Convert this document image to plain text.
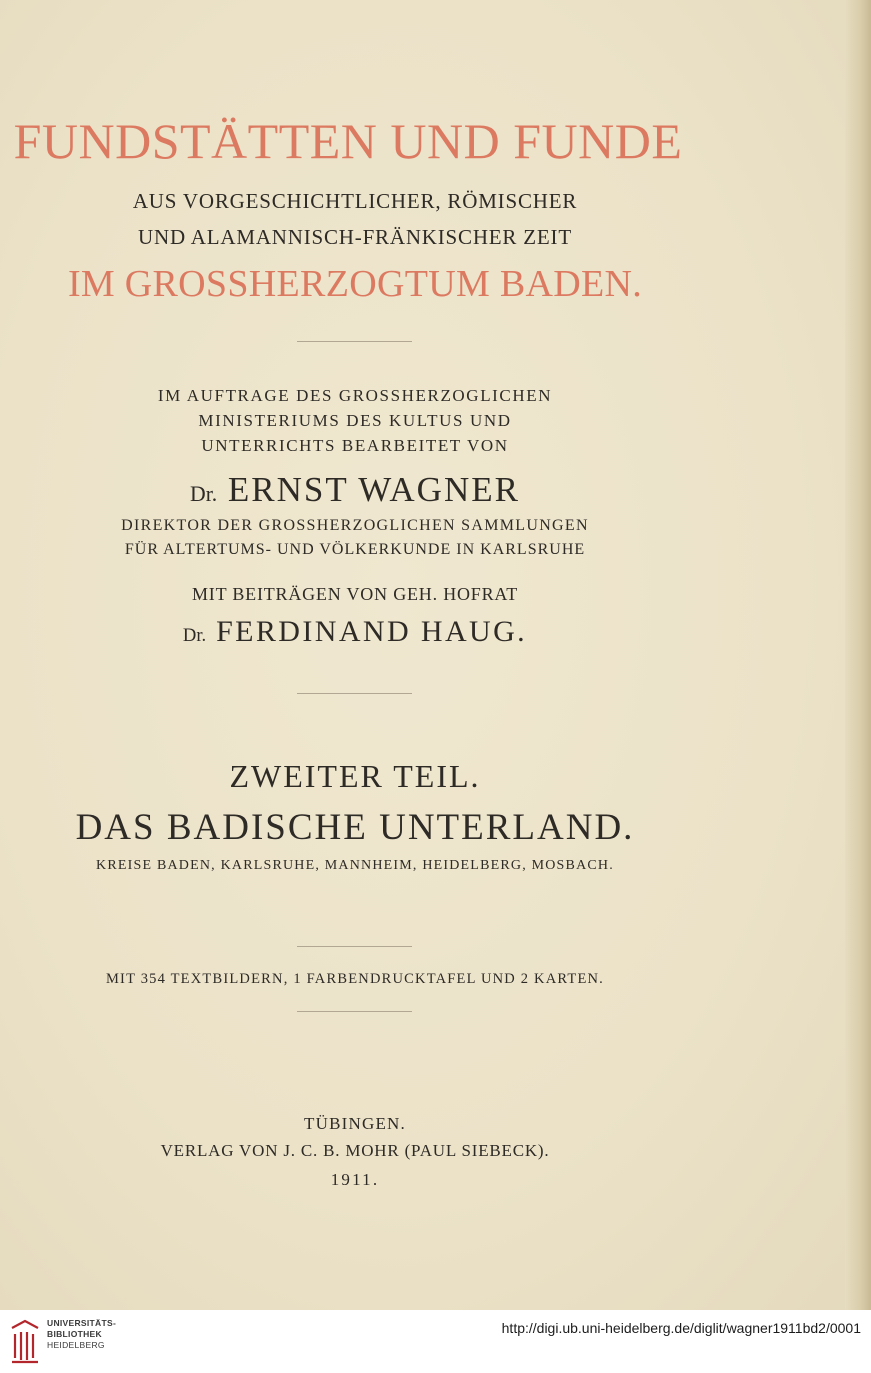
FUNDSTÄTTEN UND FUNDE
AUS VORGESCHICHTLICHER, RÖMISCHER
UND ALAMANNISCH-FRÄNKISCHER ZEIT
IM GROSSHERZOGTUM BADEN.
IM AUFTRAGE DES GROSSHERZOGLICHEN
MINISTERIUMS DES KULTUS UND
UNTERRICHTS BEARBEITET VON
Dr. ERNST WAGNER
DIREKTOR DER GROSSHERZOGLICHEN SAMMLUNGEN
FÜR ALTERTUMS- UND VÖLKERKUNDE IN KARLSRUHE
MIT BEITRÄGEN VON GEH. HOFRAT
Dr. FERDINAND HAUG.
ZWEITER TEIL.
DAS BADISCHE UNTERLAND.
KREISE BADEN, KARLSRUHE, MANNHEIM, HEIDELBERG, MOSBACH.
MIT 354 TEXTBILDERN, 1 FARBENDRUCKTAFEL UND 2 KARTEN.
TÜBINGEN.
VERLAG VON J. C. B. MOHR (PAUL SIEBECK).
1911.
UNIVERSITÄTS-
BIBLIOTHEK
HEIDELBERG
http://digi.ub.uni-heidelberg.de/diglit/wagner1911bd2/0001
